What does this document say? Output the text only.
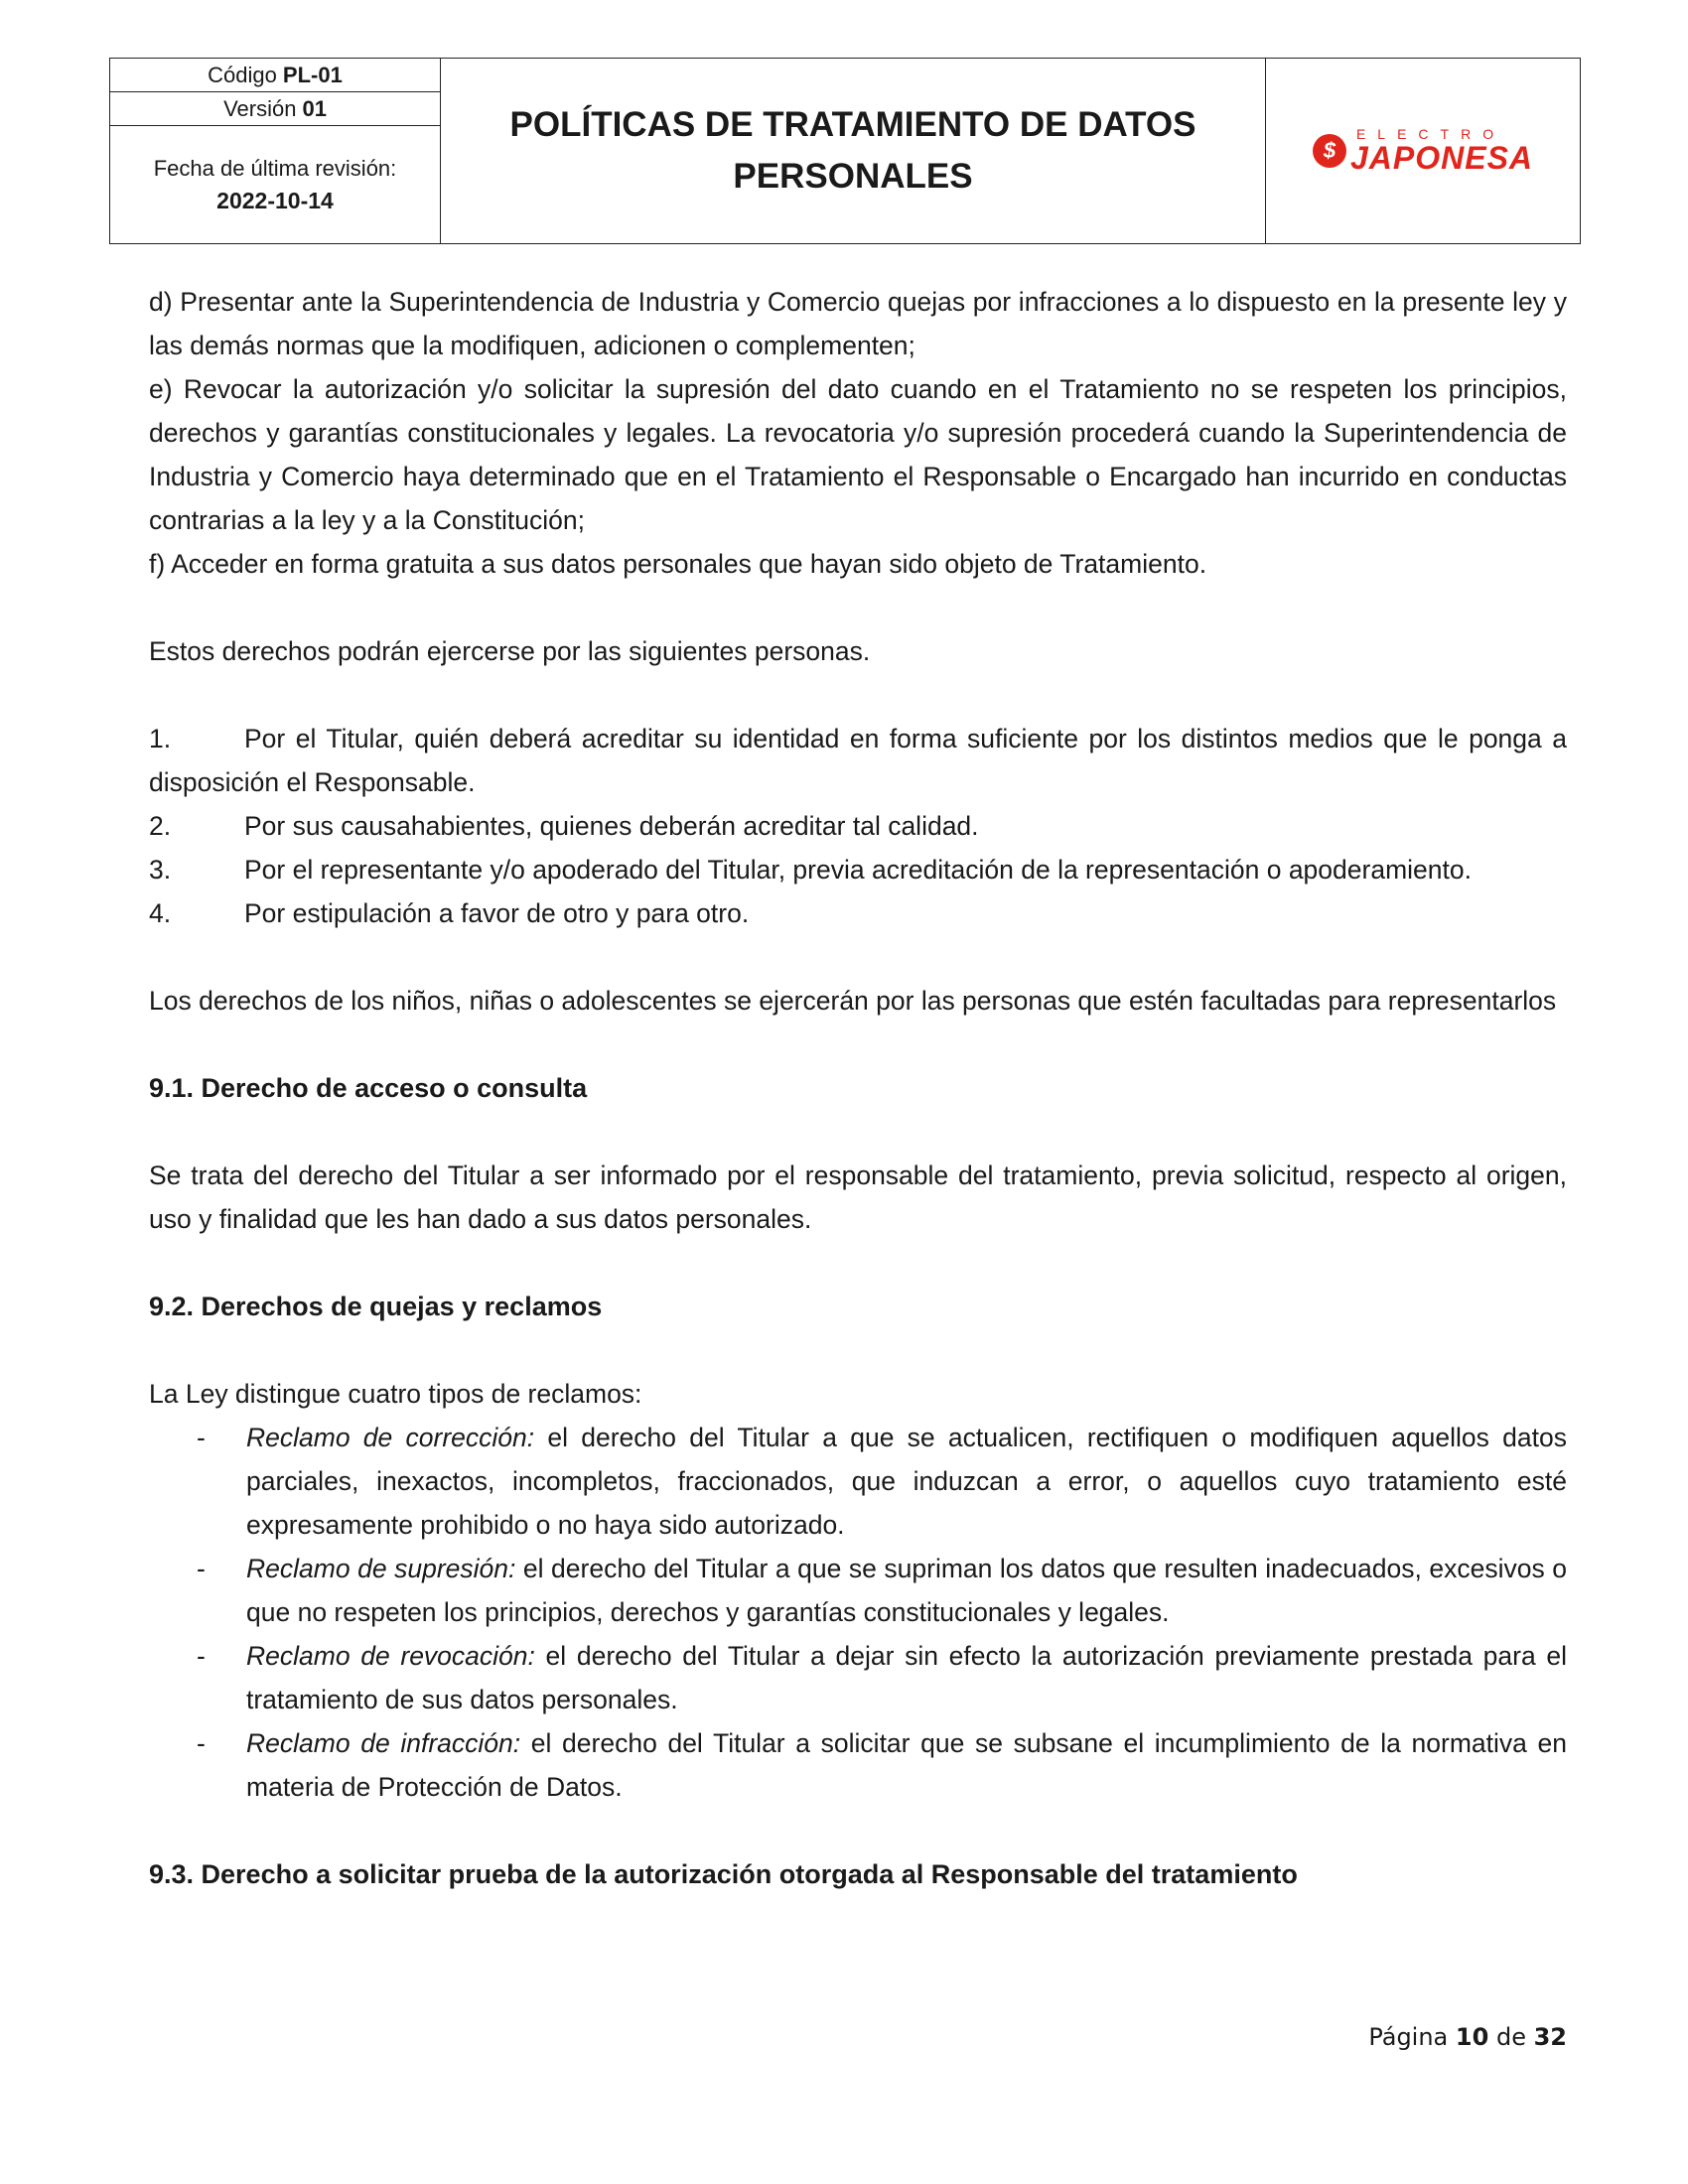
Código PL-01
Versión 01
Fecha de última revisión:
2022-10-14
POLÍTICAS DE TRATAMIENTO DE DATOS PERSONALES
$
ELECTRO
JAPONESA

d) Presentar ante la Superintendencia de Industria y Comercio quejas por infracciones a lo dispuesto en la presente ley y las demás normas que la modifiquen, adicionen o complementen;

e) Revocar la autorización y/o solicitar la supresión del dato cuando en el Tratamiento no se respeten los principios, derechos y garantías constitucionales y legales. La revocatoria y/o supresión procederá cuando la Superintendencia de Industria y Comercio haya determinado que en el Tratamiento el Responsable o Encargado han incurrido en conductas contrarias a la ley y a la Constitución;

f) Acceder en forma gratuita a sus datos personales que hayan sido objeto de Tratamiento.

Estos derechos podrán ejercerse por las siguientes personas.

1.	Por el Titular, quién deberá acreditar su identidad en forma suficiente por los distintos medios que le ponga a disposición el Responsable.

2.	Por sus causahabientes, quienes deberán acreditar tal calidad.
3.	Por el representante y/o apoderado del Titular, previa acreditación de la representación o apoderamiento.
4.	Por estipulación a favor de otro y para otro.

Los derechos de los niños, niñas o adolescentes se ejercerán por las personas que estén facultadas para representarlos

9.1. Derecho de acceso o consulta

Se trata del derecho del Titular a ser informado por el responsable del tratamiento, previa solicitud, respecto al origen, uso y finalidad que les han dado a sus datos personales.

9.2. Derechos de quejas y reclamos

La Ley distingue cuatro tipos de reclamos:

-	Reclamo de corrección: el derecho del Titular a que se actualicen, rectifiquen o modifiquen aquellos datos parciales, inexactos, incompletos, fraccionados, que induzcan a error, o aquellos cuyo tratamiento esté expresamente prohibido o no haya sido autorizado.
-	Reclamo de supresión: el derecho del Titular a que se supriman los datos que resulten inadecuados, excesivos o que no respeten los principios, derechos y garantías constitucionales y legales.
-	Reclamo de revocación: el derecho del Titular a dejar sin efecto la autorización previamente prestada para el tratamiento de sus datos personales.
-	Reclamo de infracción: el derecho del Titular a solicitar que se subsane el incumplimiento de la normativa en materia de Protección de Datos.

9.3. Derecho a solicitar prueba de la autorización otorgada al Responsable del tratamiento

Página 10 de 32
